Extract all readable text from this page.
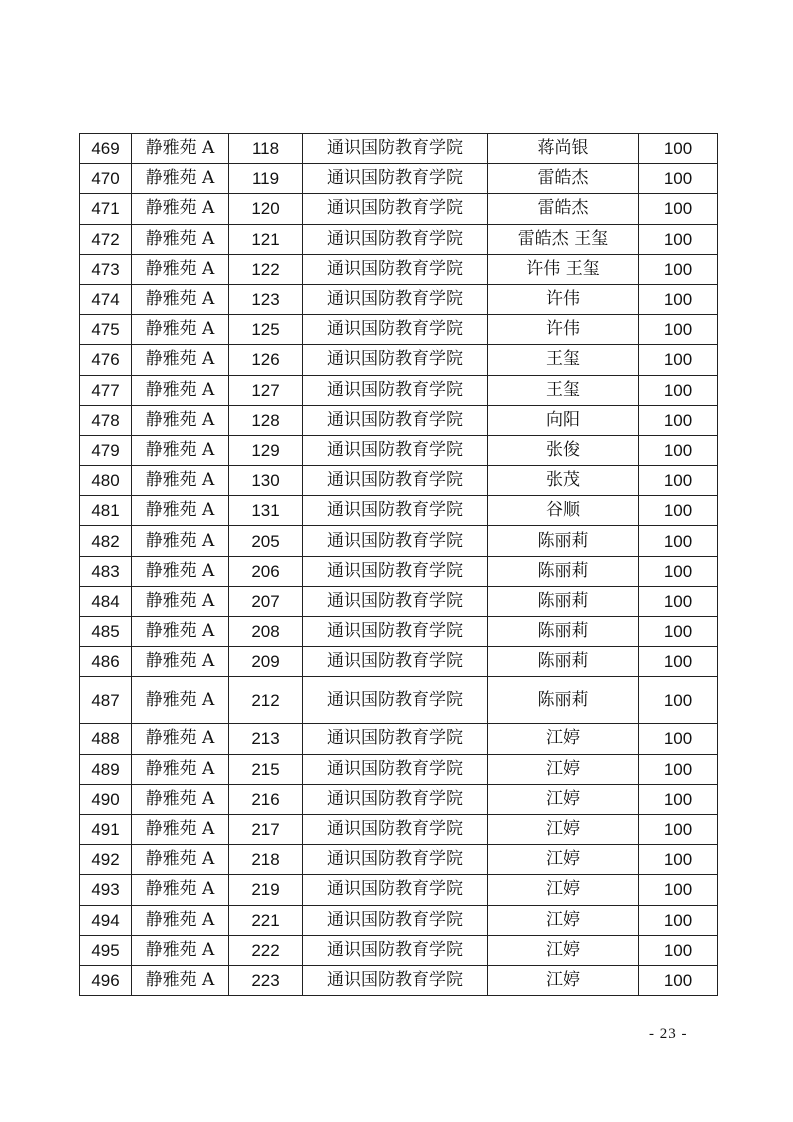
469	静雅苑 A	118	通识国防教育学院	蒋尚银	100
470	静雅苑 A	119	通识国防教育学院	雷皓杰	100
471	静雅苑 A	120	通识国防教育学院	雷皓杰	100
472	静雅苑 A	121	通识国防教育学院	雷皓杰 王玺	100
473	静雅苑 A	122	通识国防教育学院	许伟 王玺	100
474	静雅苑 A	123	通识国防教育学院	许伟	100
475	静雅苑 A	125	通识国防教育学院	许伟	100
476	静雅苑 A	126	通识国防教育学院	王玺	100
477	静雅苑 A	127	通识国防教育学院	王玺	100
478	静雅苑 A	128	通识国防教育学院	向阳	100
479	静雅苑 A	129	通识国防教育学院	张俊	100
480	静雅苑 A	130	通识国防教育学院	张茂	100
481	静雅苑 A	131	通识国防教育学院	谷顺	100
482	静雅苑 A	205	通识国防教育学院	陈丽莉	100
483	静雅苑 A	206	通识国防教育学院	陈丽莉	100
484	静雅苑 A	207	通识国防教育学院	陈丽莉	100
485	静雅苑 A	208	通识国防教育学院	陈丽莉	100
486	静雅苑 A	209	通识国防教育学院	陈丽莉	100
487	静雅苑 A	212	通识国防教育学院	陈丽莉	100
488	静雅苑 A	213	通识国防教育学院	江婷	100
489	静雅苑 A	215	通识国防教育学院	江婷	100
490	静雅苑 A	216	通识国防教育学院	江婷	100
491	静雅苑 A	217	通识国防教育学院	江婷	100
492	静雅苑 A	218	通识国防教育学院	江婷	100
493	静雅苑 A	219	通识国防教育学院	江婷	100
494	静雅苑 A	221	通识国防教育学院	江婷	100
495	静雅苑 A	222	通识国防教育学院	江婷	100
496	静雅苑 A	223	通识国防教育学院	江婷	100
- 23 -
